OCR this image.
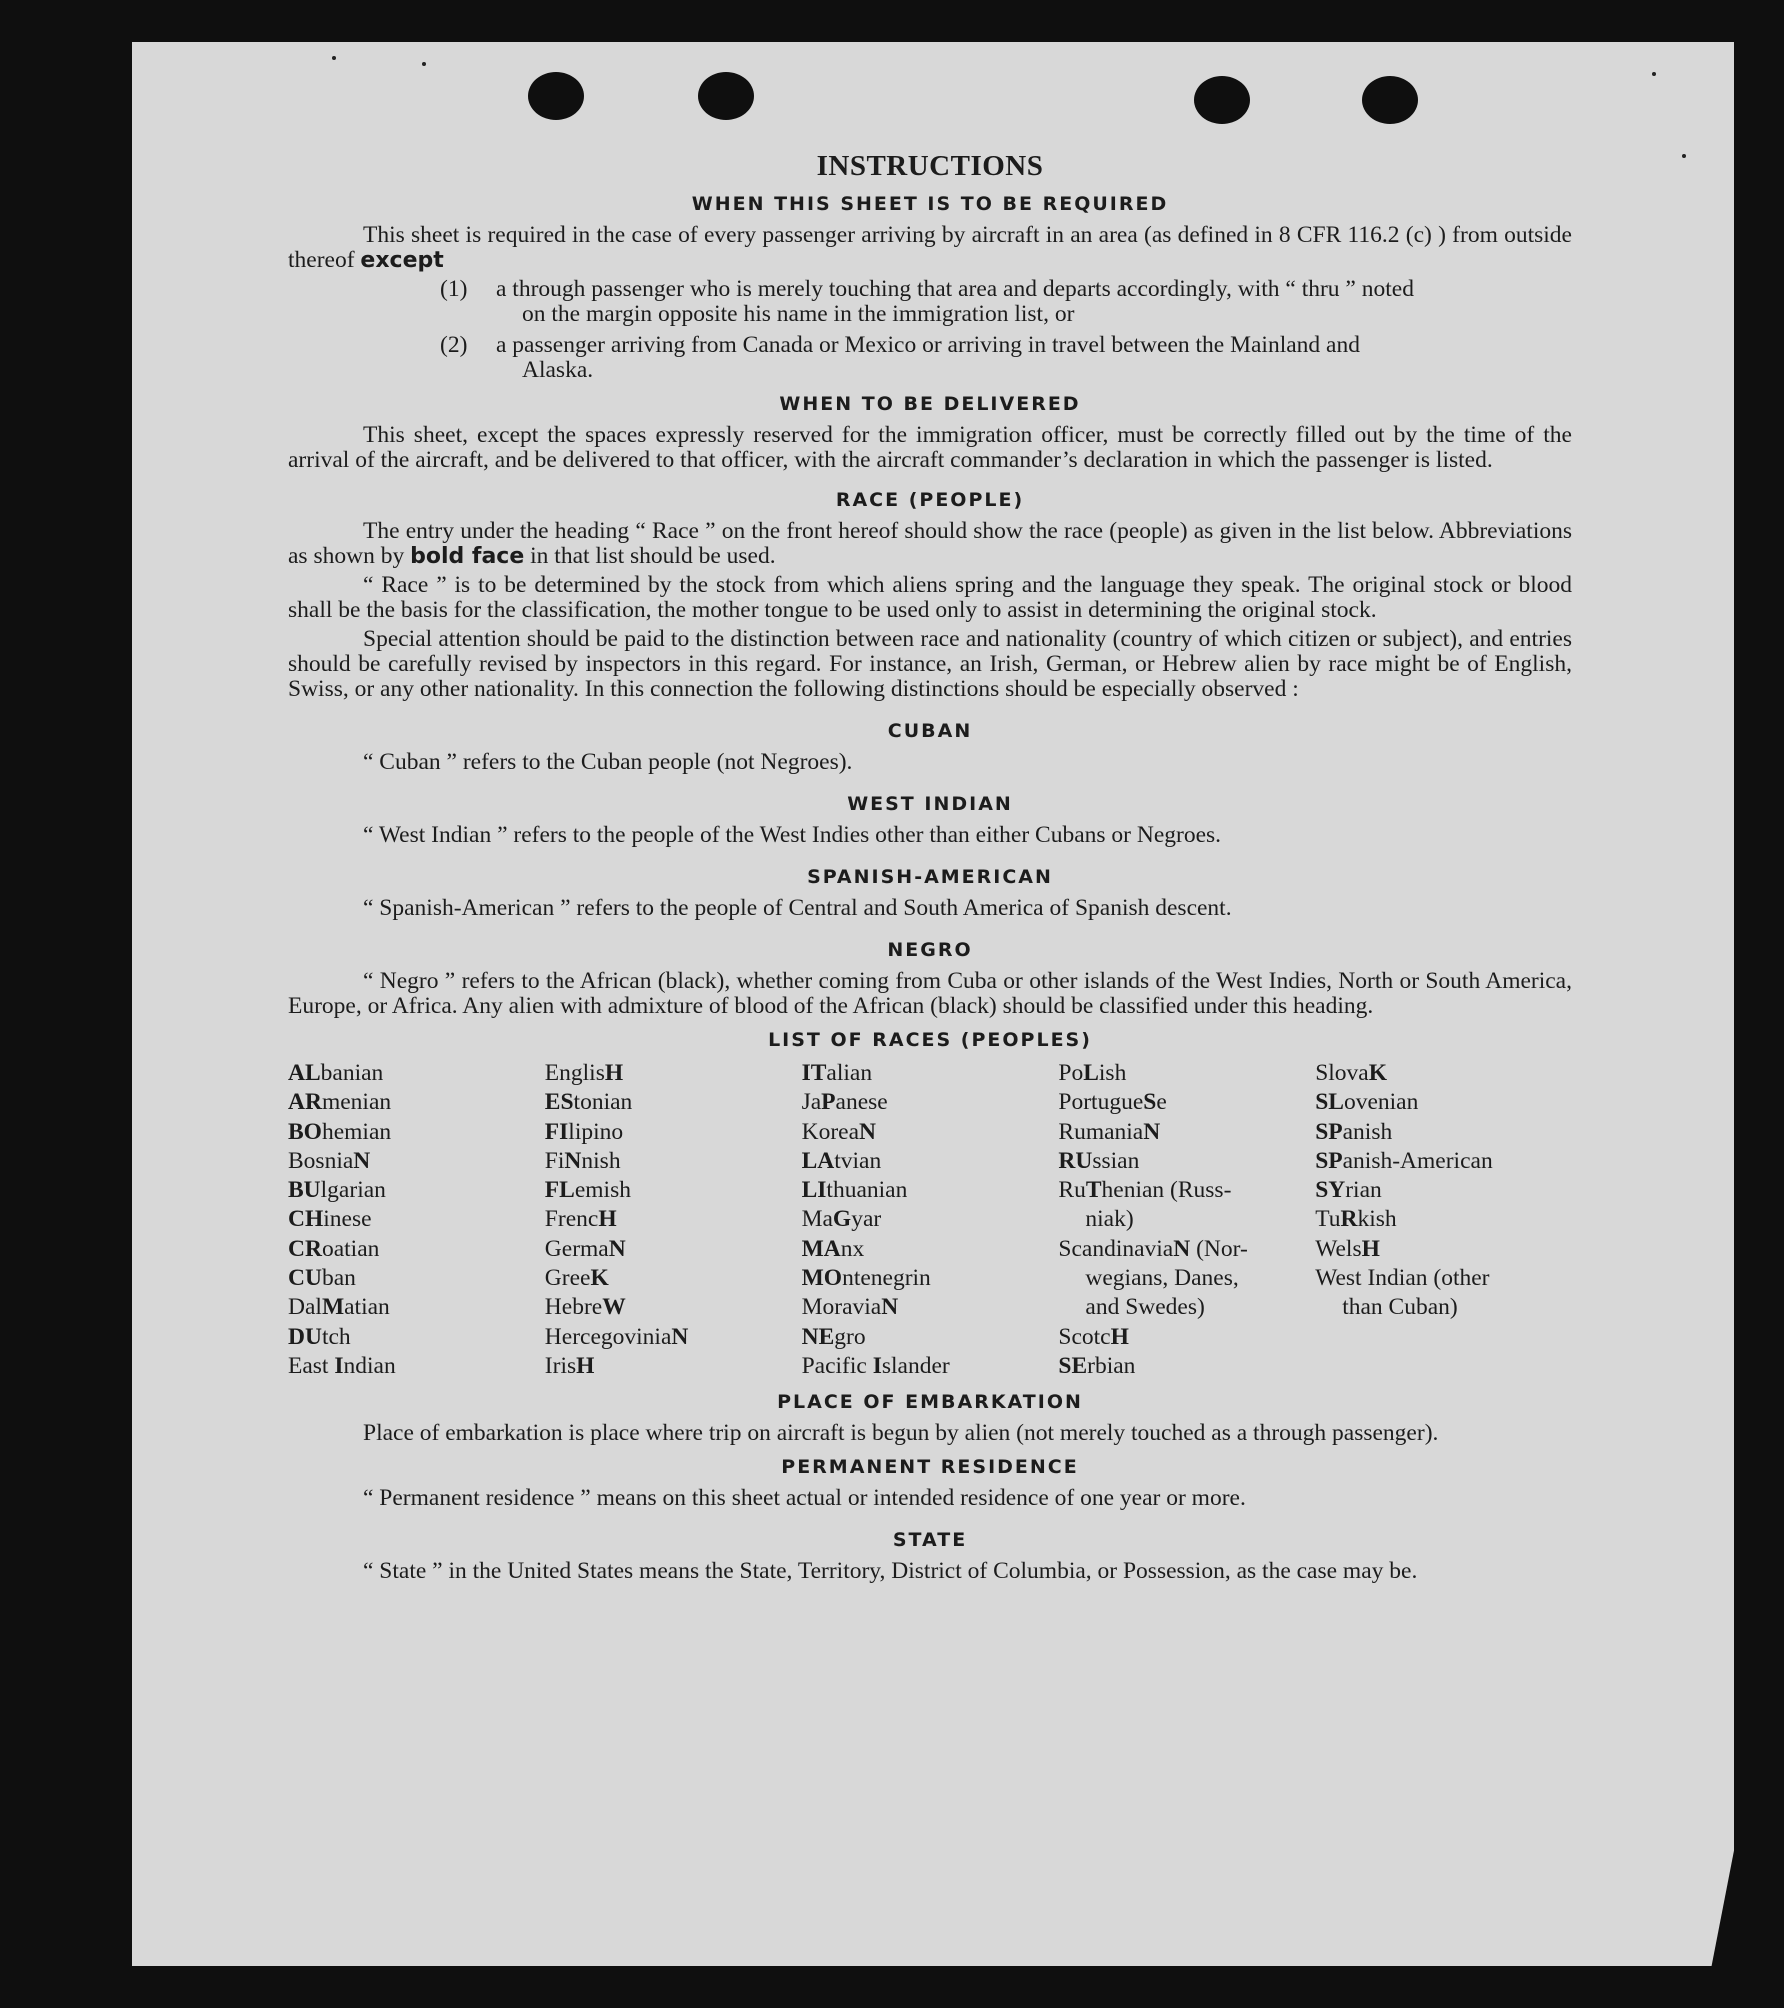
INSTRUCTIONS
WHEN THIS SHEET IS TO BE REQUIRED

This sheet is required in the case of every passenger arriving by aircraft in an area (as defined in 8 CFR 116.2 (c) ) from outside thereof except

(1)	a through passenger who is merely touching that area and departs accordingly, with “ thru ” noted
on the margin opposite his name in the immigration list, or
(2)	a passenger arriving from Canada or Mexico or arriving in travel between the Mainland and
Alaska.
WHEN TO BE DELIVERED

This sheet, except the spaces expressly reserved for the immigration officer, must be correctly filled out by the time of the arrival of the aircraft, and be delivered to that officer, with the aircraft commander’s declaration in which the passenger is listed.

RACE (PEOPLE)

The entry under the heading “ Race ” on the front hereof should show the race (people) as given in the list below. Abbreviations as shown by bold face in that list should be used.

“ Race ” is to be determined by the stock from which aliens spring and the language they speak. The original stock or blood shall be the basis for the classification, the mother tongue to be used only to assist in determining the original stock.

Special attention should be paid to the distinction between race and nationality (country of which citizen or subject), and entries should be carefully revised by inspectors in this regard. For instance, an Irish, German, or Hebrew alien by race might be of English, Swiss, or any other nationality. In this connection the following distinctions should be especially observed :

CUBAN

“ Cuban ” refers to the Cuban people (not Negroes).

WEST INDIAN

“ West Indian ” refers to the people of the West Indies other than either Cubans or Negroes.

SPANISH-AMERICAN

“ Spanish-American ” refers to the people of Central and South America of Spanish descent.

NEGRO

“ Negro ” refers to the African (black), whether coming from Cuba or other islands of the West Indies, North or South America, Europe, or Africa. Any alien with admixture of blood of the African (black) should be classified under this heading.

LIST OF RACES (PEOPLES)
ALbanian
ARmenian
BOhemian
BosniaN
BUlgarian
CHinese
CRoatian
CUban
DalMatian
DUtch
East Indian
EnglisH
EStonian
FIlipino
FiNnish
FLemish
FrencH
GermaN
GreeK
HebreW
HercegoviniaN
IrisH
ITalian
JaPanese
KoreaN
LAtvian
LIthuanian
MaGyar
MAnx
MOntenegrin
MoraviaN
NEgro
Pacific Islander
PoLish
PortugueSe
RumaniaN
RUssian
RuThenian (Russ-
niak)
ScandinaviaN (Nor-
wegians, Danes,
and Swedes)
ScotcH
SErbian
SlovaK
SLovenian
SPanish
SPanish-American
SYrian
TuRkish
WelsH
West Indian (other
than Cuban)
PLACE OF EMBARKATION

Place of embarkation is place where trip on aircraft is begun by alien (not merely touched as a through passenger).

PERMANENT RESIDENCE

“ Permanent residence ” means on this sheet actual or intended residence of one year or more.

STATE

“ State ” in the United States means the State, Territory, District of Columbia, or Possession, as the case may be.
